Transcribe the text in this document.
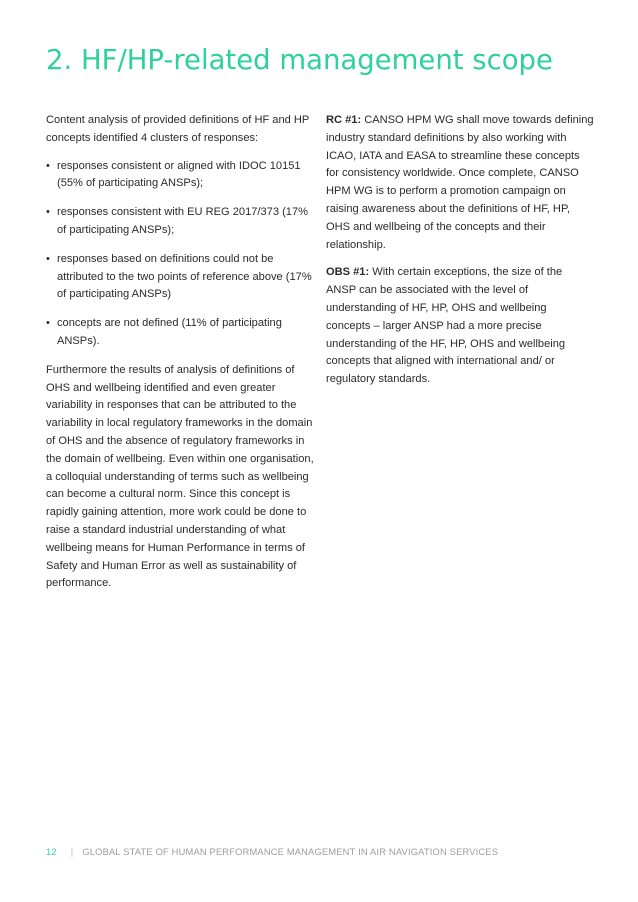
2. HF/HP-related management scope

Content analysis of provided definitions of HF and HP concepts identified 4 clusters of responses:

• responses consistent or aligned with IDOC 10151 (55% of participating ANSPs);
• responses consistent with EU REG 2017/373 (17% of participating ANSPs);
• responses based on definitions could not be attributed to the two points of reference above (17% of participating ANSPs)
• concepts are not defined (11% of participating ANSPs).

Furthermore the results of analysis of definitions of OHS and wellbeing identified and even greater variability in responses that can be attributed to the variability in local regulatory frameworks in the domain of OHS and the absence of regulatory frameworks in the domain of wellbeing. Even within one organisation, a colloquial understanding of terms such as wellbeing can become a cultural norm. Since this concept is rapidly gaining attention, more work could be done to raise a standard industrial understanding of what wellbeing means for Human Performance in terms of Safety and Human Error as well as sustainability of performance.

RC #1: CANSO HPM WG shall move towards defining industry standard definitions by also working with ICAO, IATA and EASA to streamline these concepts for consistency worldwide. Once complete, CANSO HPM WG is to perform a promotion campaign on raising awareness about the definitions of HF, HP, OHS and wellbeing of the concepts and their relationship.

OBS #1: With certain exceptions, the size of the ANSP can be associated with the level of understanding of HF, HP, OHS and wellbeing concepts – larger ANSP had a more precise understanding of the HF, HP, OHS and wellbeing concepts that aligned with international and/ or regulatory standards.

12 | GLOBAL STATE OF HUMAN PERFORMANCE MANAGEMENT IN AIR NAVIGATION SERVICES
